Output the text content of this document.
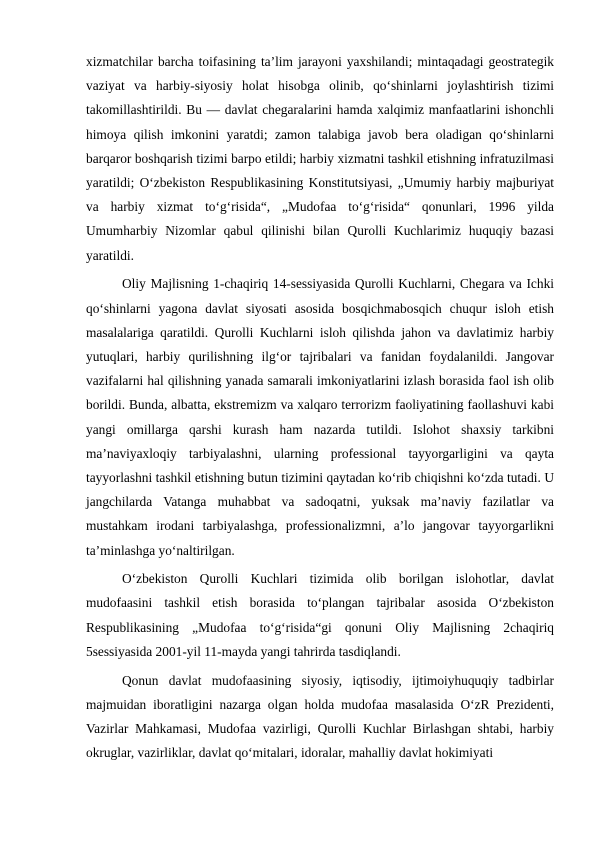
xizmatchilar barcha toifasining ta’lim jarayoni yaxshilandi; mintaqadagi geostrategik vaziyat va harbiy-siyosiy holat hisobga olinib, qo‘shinlarni joylashtirish tizimi takomillashtirildi. Bu — davlat chegaralarini hamda xalqimiz manfaatlarini ishonchli himoya qilish imkonini yaratdi; zamon talabiga javob bera oladigan qo‘shinlarni barqaror boshqarish tizimi barpo etildi; harbiy xizmatni tashkil etishning infratuzilmasi yaratildi; O‘zbekiston Respublikasining Konstitutsiyasi, „Umumiy harbiy majburiyat va harbiy xizmat to‘g‘risida“, „Mudofaa to‘g‘risida“ qonunlari, 1996 yilda Umumharbiy Nizomlar qabul qilinishi bilan Qurolli Kuchlarimiz huquqiy bazasi yaratildi.

Oliy Majlisning 1-chaqiriq 14-sessiyasida Qurolli Kuchlarni, Chegara va Ichki qo‘shinlarni yagona davlat siyosati asosida bosqichmabosqich chuqur isloh etish masalalariga qaratildi. Qurolli Kuchlarni isloh qilishda jahon va davlatimiz harbiy yutuqlari, harbiy qurilishning ilg‘or tajribalari va fanidan foydalanildi. Jangovar vazifalarni hal qilishning yanada samarali imkoniyatlarini izlash borasida faol ish olib borildi. Bunda, albatta, ekstremizm va xalqaro terrorizm faoliyatining faollashuvi kabi yangi omillarga qarshi kurash ham nazarda tutildi. Islohot shaxsiy tarkibni ma’naviyaxloqiy tarbiyalashni, ularning professional tayyorgarligini va qayta tayyorlashni tashkil etishning butun tizimini qaytadan ko‘rib chiqishni ko‘zda tutadi. U jangchilarda Vatanga muhabbat va sadoqatni, yuksak ma’naviy fazilatlar va mustahkam irodani tarbiyalashga, professionalizmni, a’lo jangovar tayyorgarlikni ta’minlashga yo‘naltirilgan.

O‘zbekiston Qurolli Kuchlari tizimida olib borilgan islohotlar, davlat mudofaasini tashkil etish borasida to‘plangan tajribalar asosida O‘zbekiston Respublikasining „Mudofaa to‘g‘risida“gi qonuni Oliy Majlisning 2chaqiriq 5sessiyasida 2001-yil 11-mayda yangi tahrirda tasdiqlandi.

Qonun davlat mudofaasining siyosiy, iqtisodiy, ijtimoiyhuquqiy tadbirlar majmuidan iboratligini nazarga olgan holda mudofaa masalasida O‘zR Prezidenti, Vazirlar Mahkamasi, Mudofaa vazirligi, Qurolli Kuchlar Birlashgan shtabi, harbiy okruglar, vazirliklar, davlat qo‘mitalari, idoralar, mahalliy davlat hokimiyati
